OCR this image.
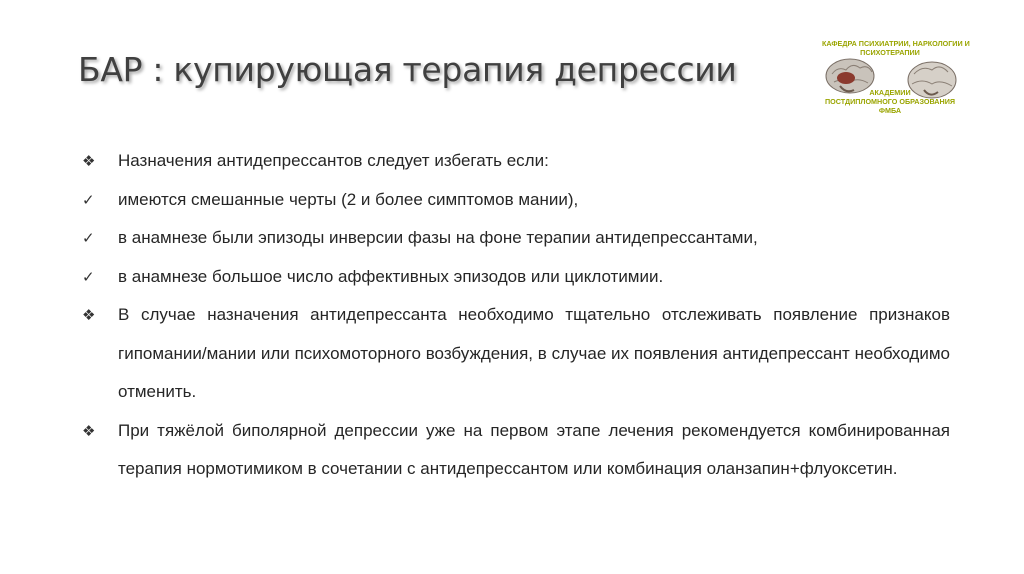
БАР : купирующая терапия депрессии
КАФЕДРА ПСИХИАТРИИ, НАРКОЛОГИИ И
ПСИХОТЕРАПИИ
АКАДЕМИИ
ПОСТДИПЛОМНОГО ОБРАЗОВАНИЯ
ФМБА
❖	Назначения антидепрессантов следует избегать если:
✓	имеются смешанные черты (2 и более симптомов мании),
✓	в анамнезе были эпизоды инверсии фазы на фоне терапии антидепрессантами,
✓	в анамнезе большое число аффективных эпизодов или циклотимии.
❖	В случае назначения антидепрессанта необходимо тщательно отслеживать появление признаков гипомании/мании или психомоторного возбуждения, в случае их появления антидепрессант необходимо отменить.
❖	При тяжёлой биполярной депрессии уже на первом этапе лечения рекомендуется комбинированная терапия нормотимиком в сочетании с антидепрессантом или комбинация оланзапин+флуоксетин.
